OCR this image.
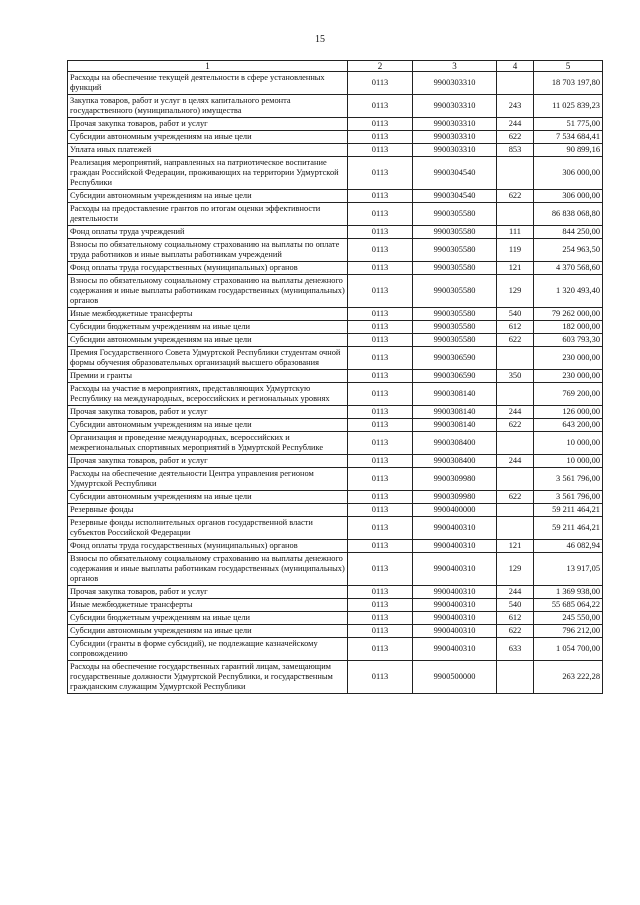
15
1	2	3	4	5
Расходы на обеспечение текущей деятельности в сфере установленных функций	0113	9900303310		18 703 197,80
Закупка товаров, работ и услуг в целях капитального ремонта государственного (муниципального) имущества	0113	9900303310	243	11 025 839,23
Прочая закупка товаров, работ и услуг	0113	9900303310	244	51 775,00
Субсидии автономным учреждениям на иные цели	0113	9900303310	622	7 534 684,41
Уплата иных платежей	0113	9900303310	853	90 899,16
Реализация мероприятий, направленных на патриотическое воспитание граждан Российской Федерации, проживающих на территории Удмуртской Республики	0113	9900304540		306 000,00
Субсидии автономным учреждениям на иные цели	0113	9900304540	622	306 000,00
Расходы на предоставление грантов по итогам оценки эффективности деятельности	0113	9900305580		86 838 068,80
Фонд оплаты труда учреждений	0113	9900305580	111	844 250,00
Взносы по обязательному социальному страхованию на выплаты по оплате труда работников и иные выплаты работникам учреждений	0113	9900305580	119	254 963,50
Фонд оплаты труда государственных (муниципальных) органов	0113	9900305580	121	4 370 568,60
Взносы по обязательному социальному страхованию на выплаты денежного содержания и иные выплаты работникам государственных (муниципальных) органов	0113	9900305580	129	1 320 493,40
Иные межбюджетные трансферты	0113	9900305580	540	79 262 000,00
Субсидии бюджетным учреждениям на иные цели	0113	9900305580	612	182 000,00
Субсидии автономным учреждениям на иные цели	0113	9900305580	622	603 793,30
Премия Государственного Совета Удмуртской Республики студентам очной формы обучения образовательных организаций высшего образования	0113	9900306590		230 000,00
Премии и гранты	0113	9900306590	350	230 000,00
Расходы на участие в мероприятиях, представляющих Удмуртскую Республику на международных, всероссийских и региональных уровнях	0113	9900308140		769 200,00
Прочая закупка товаров, работ и услуг	0113	9900308140	244	126 000,00
Субсидии автономным учреждениям на иные цели	0113	9900308140	622	643 200,00
Организация и проведение международных, всероссийских и межрегиональных спортивных мероприятий в Удмуртской Республике	0113	9900308400		10 000,00
Прочая закупка товаров, работ и услуг	0113	9900308400	244	10 000,00
Расходы на обеспечение деятельности Центра управления регионом Удмуртской Республики	0113	9900309980		3 561 796,00
Субсидии автономным учреждениям на иные цели	0113	9900309980	622	3 561 796,00
Резервные фонды	0113	9900400000		59 211 464,21
Резервные фонды исполнительных органов государственной власти субъектов Российской Федерации	0113	9900400310		59 211 464,21
Фонд оплаты труда государственных (муниципальных) органов	0113	9900400310	121	46 082,94
Взносы по обязательному социальному страхованию на выплаты денежного содержания и иные выплаты работникам государственных (муниципальных) органов	0113	9900400310	129	13 917,05
Прочая закупка товаров, работ и услуг	0113	9900400310	244	1 369 938,00
Иные межбюджетные трансферты	0113	9900400310	540	55 685 064,22
Субсидии бюджетным учреждениям на иные цели	0113	9900400310	612	245 550,00
Субсидии автономным учреждениям на иные цели	0113	9900400310	622	796 212,00
Субсидии (гранты в форме субсидий), не подлежащие казначейскому сопровождению	0113	9900400310	633	1 054 700,00
Расходы на обеспечение государственных гарантий лицам, замещающим государственные должности Удмуртской Республики, и государственным гражданским служащим Удмуртской Республики	0113	9900500000		263 222,28
